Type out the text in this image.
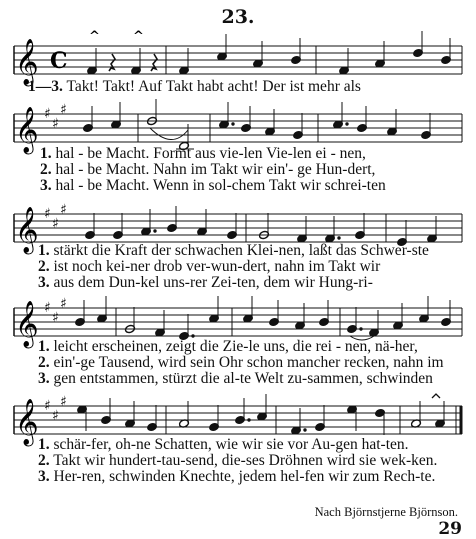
23.
𝄞 C
^	^
1—3. Takt! Takt! Auf Takt habt acht! Der ist mehr als
𝄞 ♯
♯
♯
1. hal - be Macht. Formt aus vie-len Vie-len ei - nen,
2. hal - be Macht. Nahn im Takt wir ein'- ge Hun-dert,
3. hal - be Macht. Wenn in sol-chem Takt wir schrei-ten
𝄞 ♯
♯
♯
1. stärkt die Kraft der schwachen Klei-nen, laßt das Schwer-ste
2. ist noch kei-ner drob ver-wun-dert, nahn im Takt wir
3. aus dem Dun-kel uns-rer Zei-ten, dem wir Hung-ri-
𝄞 ♯
♯
♯
1. leicht erscheinen, zeigt die Zie-le uns, die rei - nen, nä-her,
2. ein'-ge Tausend, wird sein Ohr schon mancher recken, nahn im
3. gen entstammen, stürzt die al-te Welt zu-sammen, schwinden
𝄞 ♯
♯
♯
1. schär-fer, oh-ne Schatten, wie wir sie vor Au-gen hat-ten.
2. Takt wir hundert-tau-send, die-ses Dröhnen wird sie wek-ken.
3. Her-ren, schwinden Knechte, jedem hel-fen wir zum Rech-te.
Nach Björnstjerne Björnson.
29
